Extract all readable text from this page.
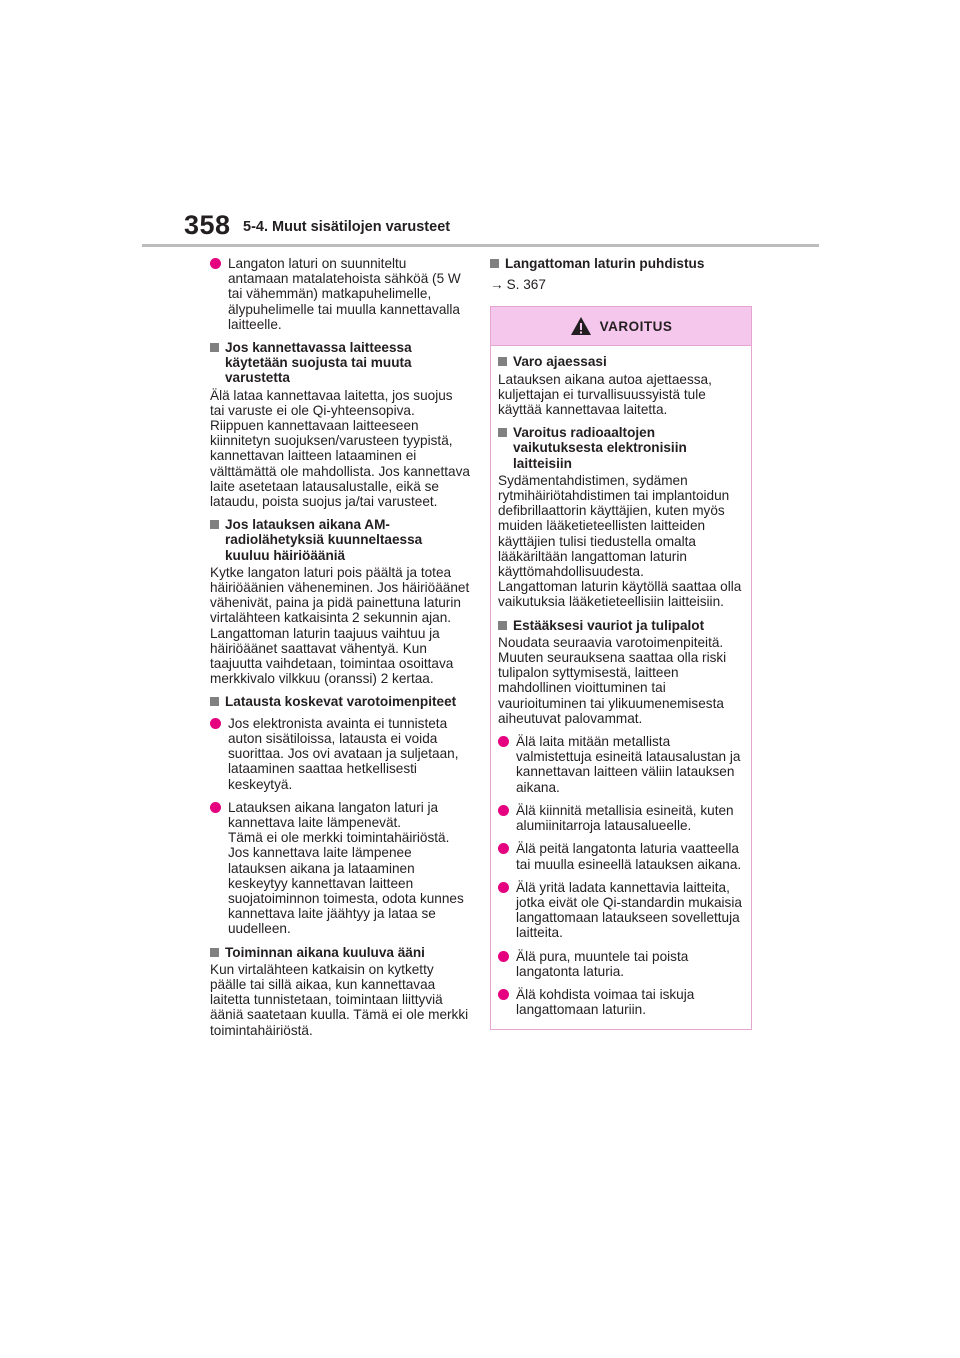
358 5-4. Muut sisätilojen varusteet
Langaton laturi on suunniteltu antamaan matalatehoista sähköä (5 W tai vähemmän) matkapuhelimelle, älypuhelimelle tai muulla kannettavalla laitteelle.
Jos kannettavassa laitteessa käytetään suojusta tai muuta varustetta

Älä lataa kannettavaa laitetta, jos suojus tai varuste ei ole Qi-yhteensopiva. Riippuen kannettavaan laitteeseen kiinnitetyn suojuksen/varusteen tyypistä, kannettavan laitteen lataaminen ei välttämättä ole mahdollista. Jos kannettava laite asetetaan latausalustalle, eikä se lataudu, poista suojus ja/tai varusteet.

Jos latauksen aikana AM-radiolähetyksiä kuunneltaessa kuuluu häiriöääniä

Kytke langaton laturi pois päältä ja totea häiriöäänien väheneminen. Jos häiriöäänet vähenivät, paina ja pidä painettuna laturin virtalähteen katkaisinta 2 sekunnin ajan. Langattoman laturin taajuus vaihtuu ja häiriöäänet saattavat vähentyä. Kun taajuutta vaihdetaan, toimintaa osoittava merkkivalo vilkkuu (oranssi) 2 kertaa.

Latausta koskevat varotoimenpiteet
Jos elektronista avainta ei tunnisteta auton sisätiloissa, latausta ei voida suorittaa. Jos ovi avataan ja suljetaan, lataaminen saattaa hetkellisesti keskeytyä.
Latauksen aikana langaton laturi ja kannettava laite lämpenevät.
Tämä ei ole merkki toimintahäiriöstä. Jos kannettava laite lämpenee latauksen aikana ja lataaminen keskeytyy kannettavan laitteen suojatoiminnon toimesta, odota kunnes kannettava laite jäähtyy ja lataa se uudelleen.
Toiminnan aikana kuuluva ääni

Kun virtalähteen katkaisin on kytketty päälle tai sillä aikaa, kun kannettavaa laitetta tunnistetaan, toimintaan liittyviä ääniä saatetaan kuulla. Tämä ei ole merkki toimintahäiriöstä.

Langattoman laturin puhdistus
→ S. 367
VAROITUS
Varo ajaessasi

Latauksen aikana autoa ajettaessa, kuljettajan ei turvallisuussyistä tule käyttää kannettavaa laitetta.

Varoitus radioaaltojen vaikutuksesta elektronisiin laitteisiin

Sydämentahdistimen, sydämen rytmihäiriötahdistimen tai implantoidun defibrillaattorin käyttäjien, kuten myös muiden lääketieteellisten laitteiden käyttäjien tulisi tiedustella omalta lääkäriltään langattoman laturin käyttömahdollisuudesta.
Langattoman laturin käytöllä saattaa olla vaikutuksia lääketieteellisiin laitteisiin.

Estääksesi vauriot ja tulipalot

Noudata seuraavia varotoimenpiteitä. Muuten seurauksena saattaa olla riski tulipalon syttymisestä, laitteen mahdollinen vioittuminen tai vaurioituminen tai ylikuumenemisesta aiheutuvat palovammat.

Älä laita mitään metallista valmistettuja esineitä latausalustan ja kannettavan laitteen väliin latauksen aikana.
Älä kiinnitä metallisia esineitä, kuten alumiinitarroja latausalueelle.
Älä peitä langatonta laturia vaatteella tai muulla esineellä latauksen aikana.
Älä yritä ladata kannettavia laitteita, jotka eivät ole Qi-standardin mukaisia langattomaan lataukseen sovellettuja laitteita.
Älä pura, muuntele tai poista langatonta laturia.
Älä kohdista voimaa tai iskuja langattomaan laturiin.
